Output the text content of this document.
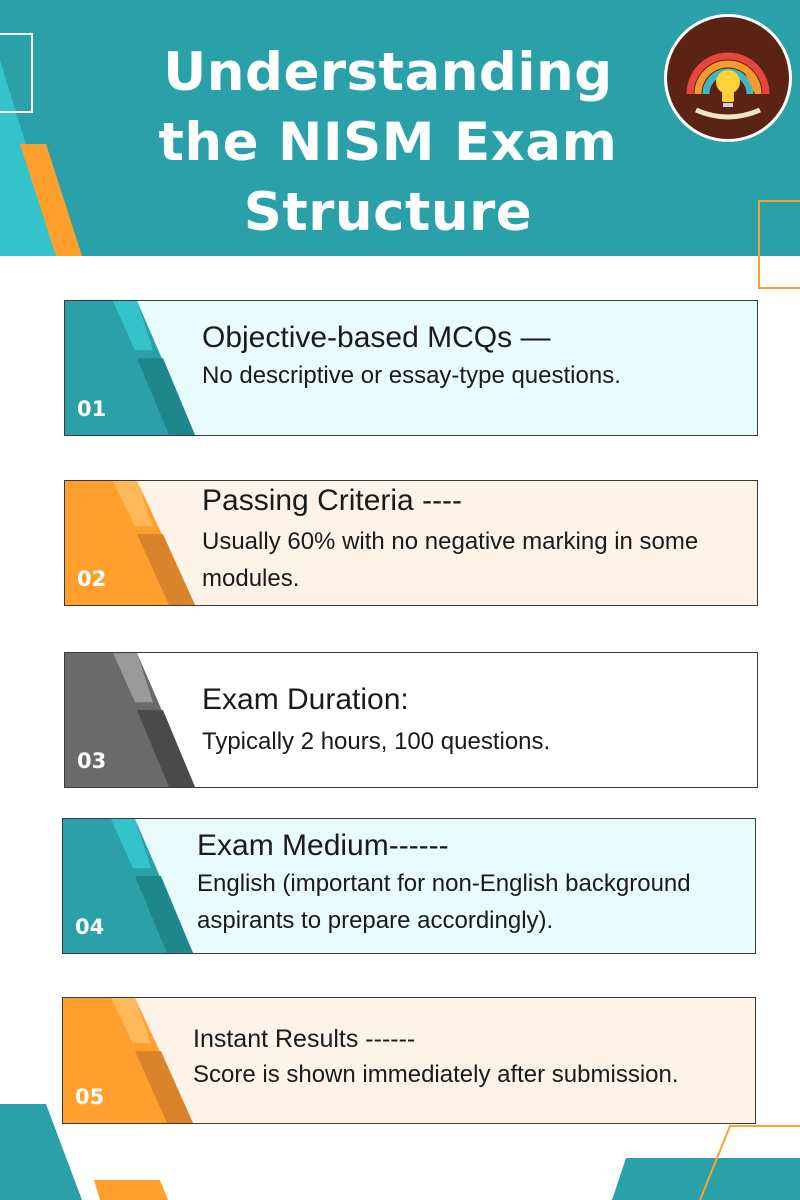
Understanding
the NISM Exam
Structure
01
Objective-based MCQs —
No descriptive or essay-type questions.
02
Passing Criteria ----
Usually 60% with no negative marking in some modules.
03
Exam Duration:
Typically 2 hours, 100 questions.
04
Exam Medium------
English (important for non-English background aspirants to prepare accordingly).
05
Instant Results ------
Score is shown immediately after submission.
